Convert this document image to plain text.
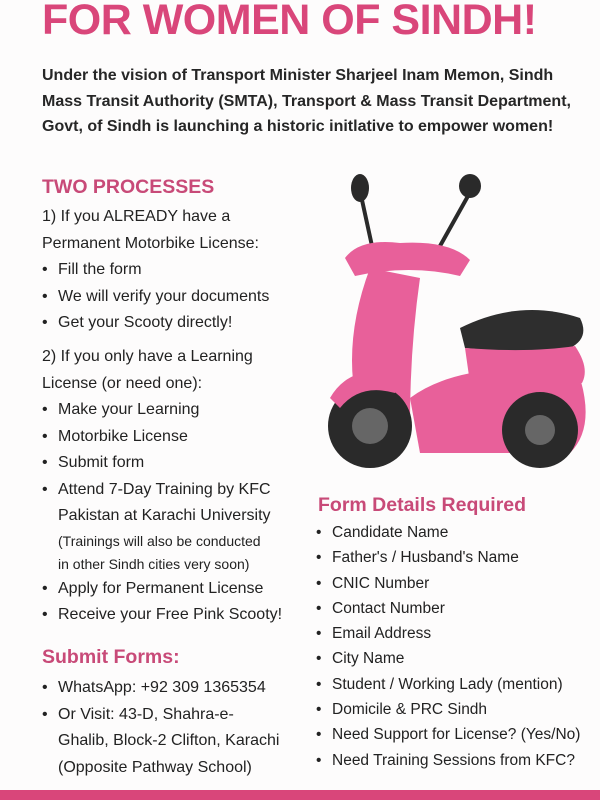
FOR WOMEN OF SINDH!
Under the vision of Transport Minister Sharjeel Inam Memon, Sindh Mass Transit Authority (SMTA), Transport & Mass Transit Department, Govt, of Sindh is launching a historic initlative to empower women!
TWO PROCESSES
1) If you ALREADY have a
Permanent Motorbike License:
• Fill the form
• We will verify your documents
• Get your Scooty directly!
2) If you only have a Learning
License (or need one):
• Make your Learning
• Motorbike License
• Submit form
• Attend 7-Day Training by KFC
Pakistan at Karachi University
(Trainings will also be conducted
in other Sindh cities very soon)
• Apply for Permanent License
• Receive your Free Pink Scooty!
Submit Forms:
• WhatsApp: +92 309 1365354
• Or Visit: 43-D, Shahra-e-
Ghalib, Block-2 Clifton, Karachi
(Opposite Pathway School)
Form Details Required
• Candidate Name
• Father's / Husband's Name
• CNIC Number
• Contact Number
• Email Address
• City Name
• Student / Working Lady (mention)
• Domicile & PRC Sindh
• Need Support for License? (Yes/No)
• Need Training Sessions from KFC?
